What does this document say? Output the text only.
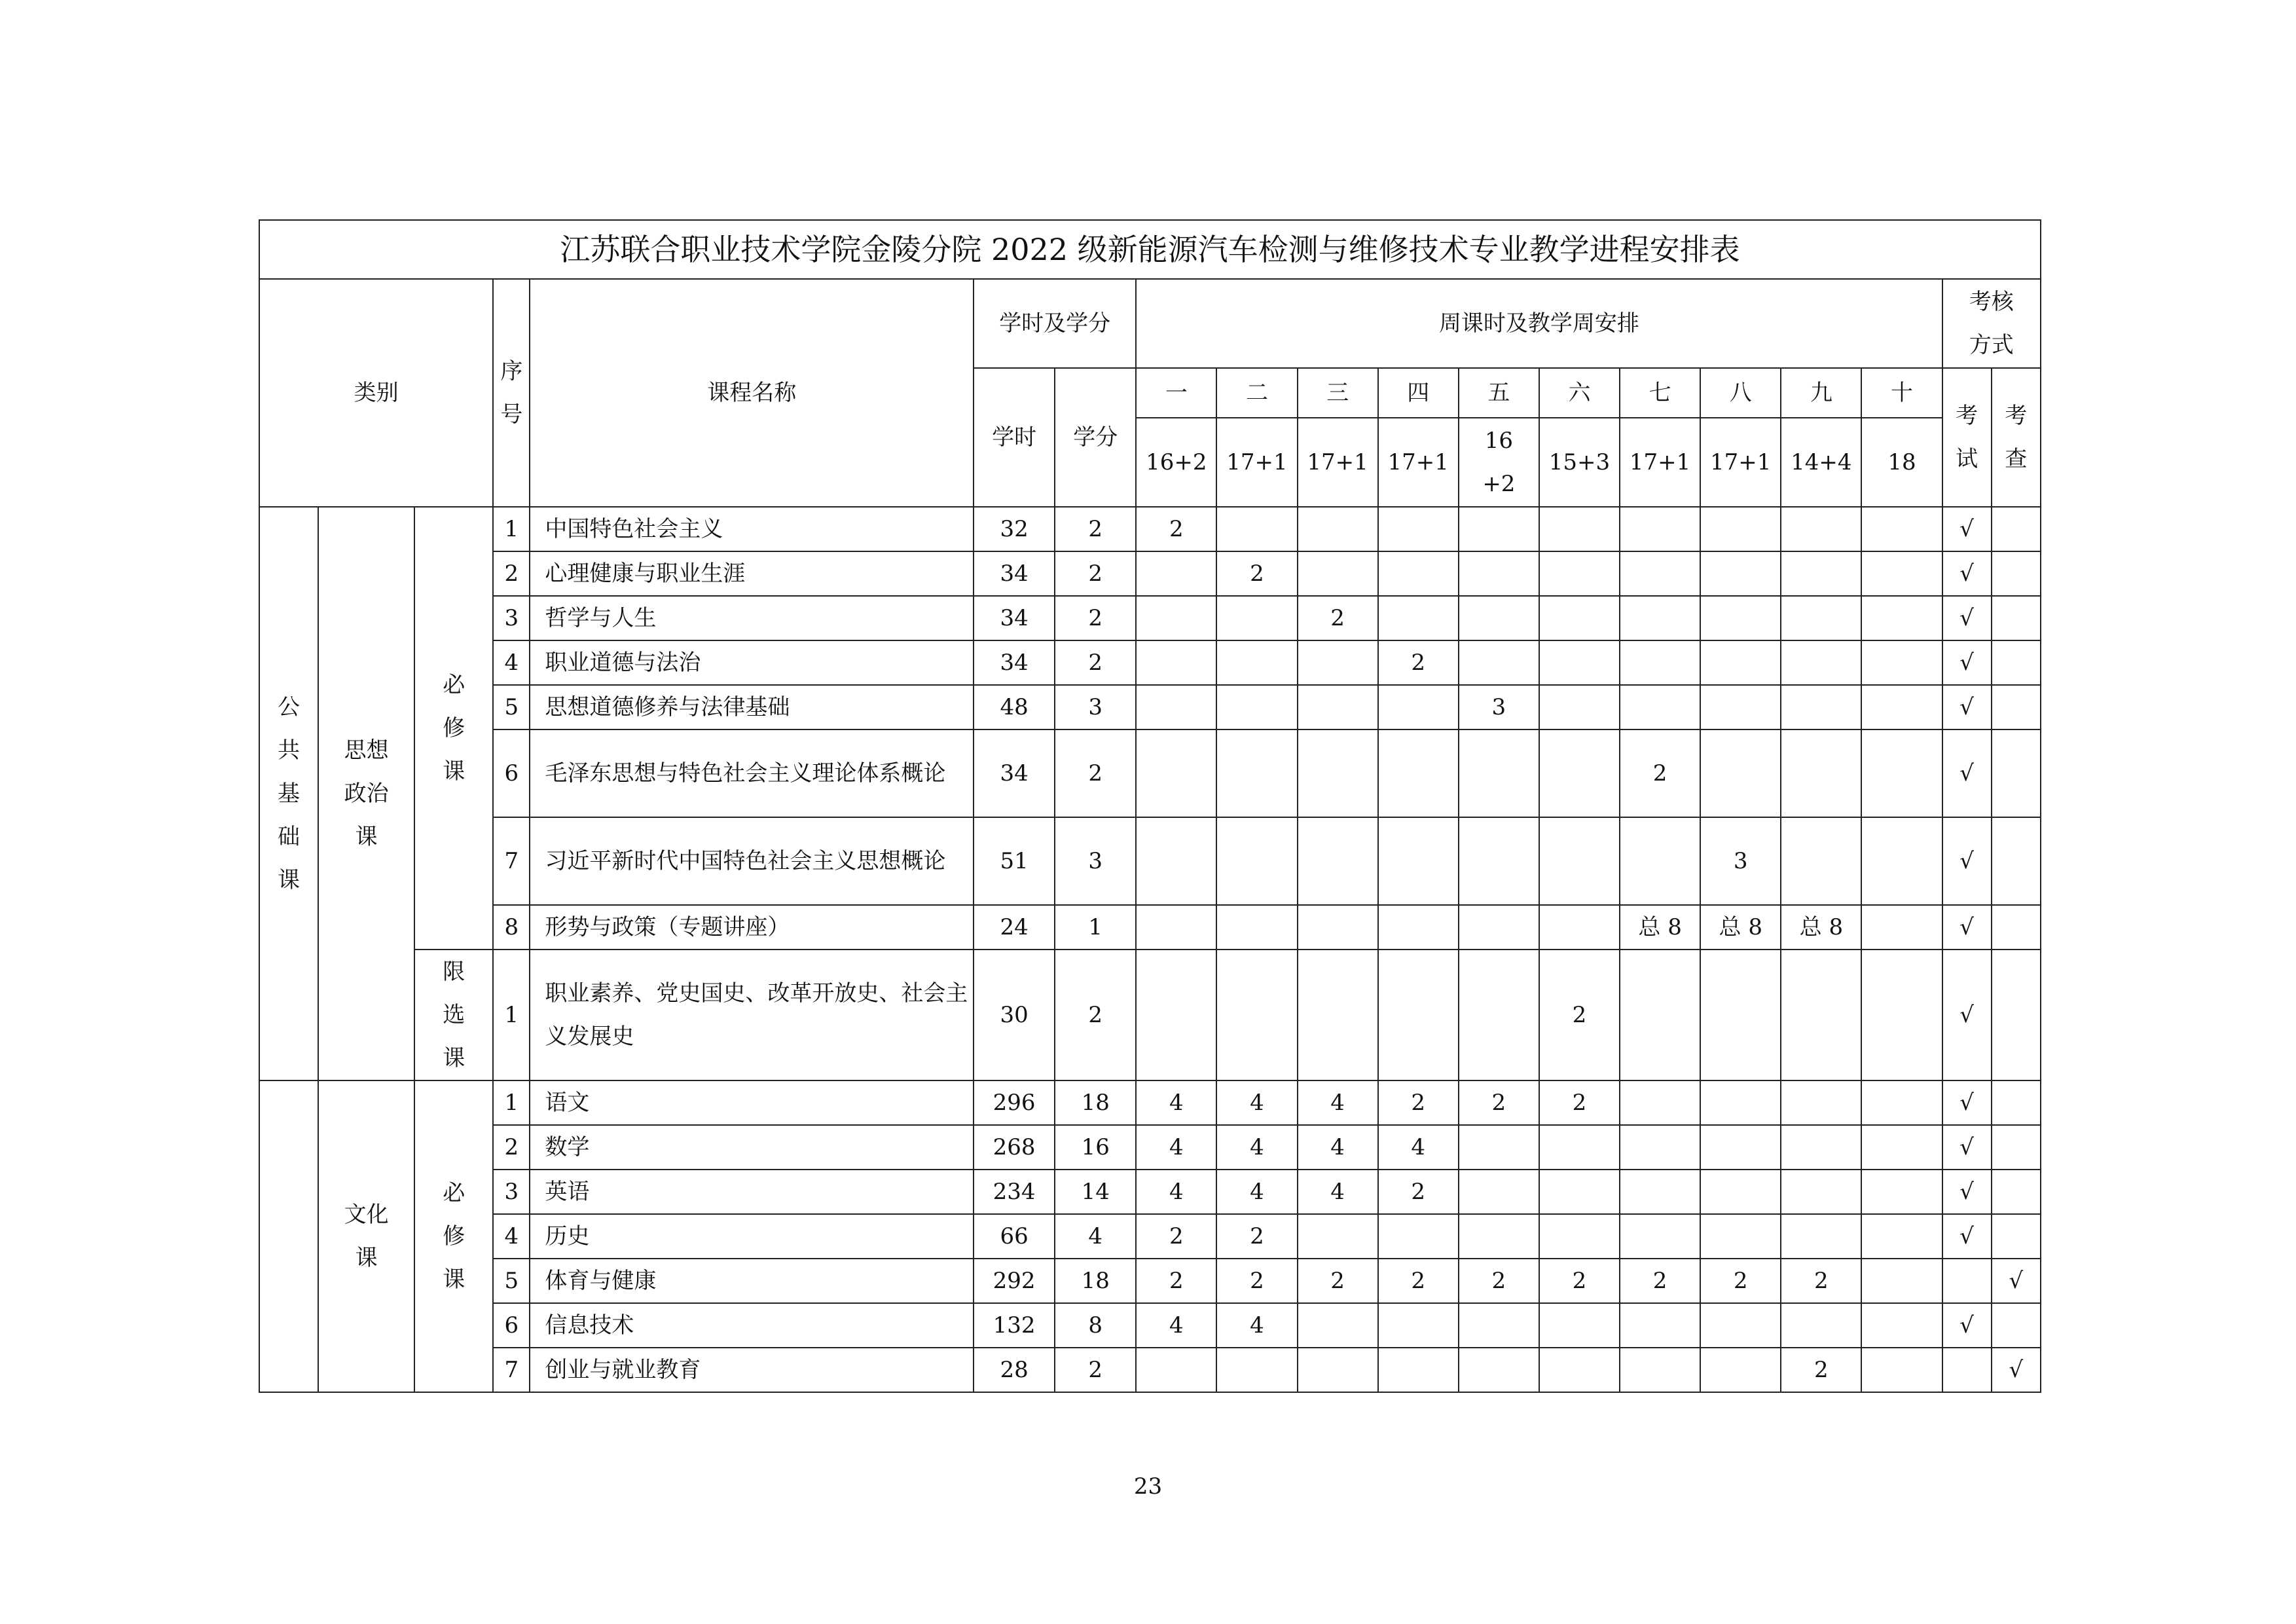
江苏联合职业技术学院金陵分院 2022 级新能源汽车检测与维修技术专业教学进程安排表																		
类别			序号	课程名称	学时及学分		周课时及教学周安排										考核方式	
					学时	学分	一	二	三	四	五	六	七	八	九	十	考试	考查
							16+2	17+1	17+1	17+1	16+2	15+3	17+1	17+1	14+4	18		
公共基础课	思想政治课	必修课	1	中国特色社会主义	32	2	2										√	
			2	心理健康与职业生涯	34	2		2									√	
			3	哲学与人生	34	2			2								√	
			4	职业道德与法治	34	2				2							√	
			5	思想道德修养与法律基础	48	3					3						√	
			6	毛泽东思想与特色社会主义理论体系概论	34	2							2				√	
			7	习近平新时代中国特色社会主义思想概论	51	3								3			√	
			8	形势与政策（专题讲座）	24	1							总 8	总 8	总 8		√	
		限选课	1	职业素养、党史国史、改革开放史、社会主义发展史	30	2						2					√	
	文化课	必修课	1	语文	296	18	4	4	4	2	2	2					√	
			2	数学	268	16	4	4	4	4							√	
			3	英语	234	14	4	4	4	2							√	
			4	历史	66	4	2	2									√	
			5	体育与健康	292	18	2	2	2	2	2	2	2	2	2			√
			6	信息技术	132	8	4	4									√	
			7	创业与就业教育	28	2									2			√
23
